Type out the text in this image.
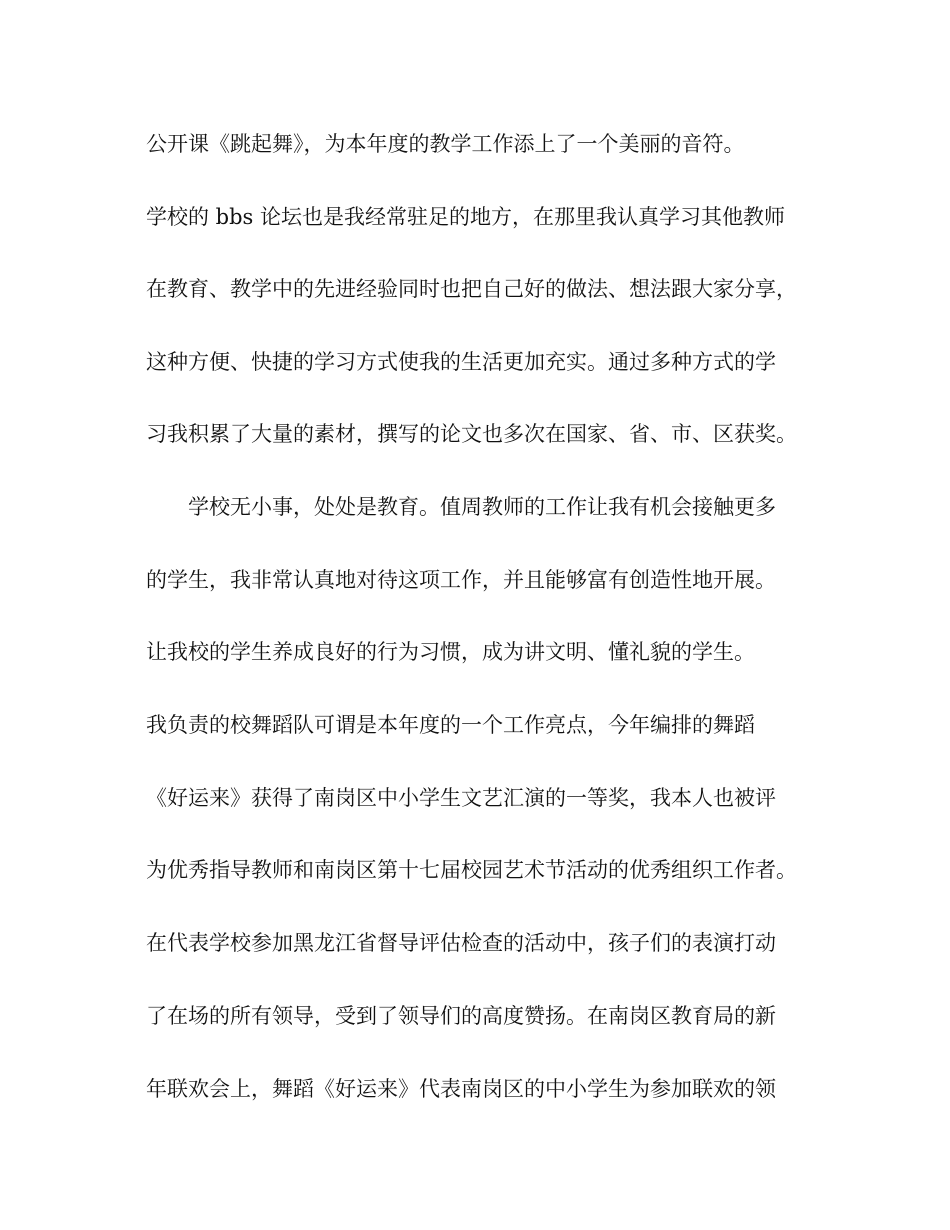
公开课《跳起舞》，为本年度的教学工作添上了一个美丽的音符。

学校的 bbs 论坛也是我经常驻足的地方，在那里我认真学习其他教师

在教育、教学中的先进经验同时也把自己好的做法、想法跟大家分享，

这种方便、快捷的学习方式使我的生活更加充实。通过多种方式的学

习我积累了大量的素材，撰写的论文也多次在国家、省、市、区获奖。

学校无小事，处处是教育。值周教师的工作让我有机会接触更多

的学生，我非常认真地对待这项工作，并且能够富有创造性地开展。

让我校的学生养成良好的行为习惯，成为讲文明、懂礼貌的学生。

我负责的校舞蹈队可谓是本年度的一个工作亮点，今年编排的舞蹈

《好运来》获得了南岗区中小学生文艺汇演的一等奖，我本人也被评

为优秀指导教师和南岗区第十七届校园艺术节活动的优秀组织工作者。

在代表学校参加黑龙江省督导评估检查的活动中，孩子们的表演打动

了在场的所有领导，受到了领导们的高度赞扬。在南岗区教育局的新

年联欢会上，舞蹈《好运来》代表南岗区的中小学生为参加联欢的领
